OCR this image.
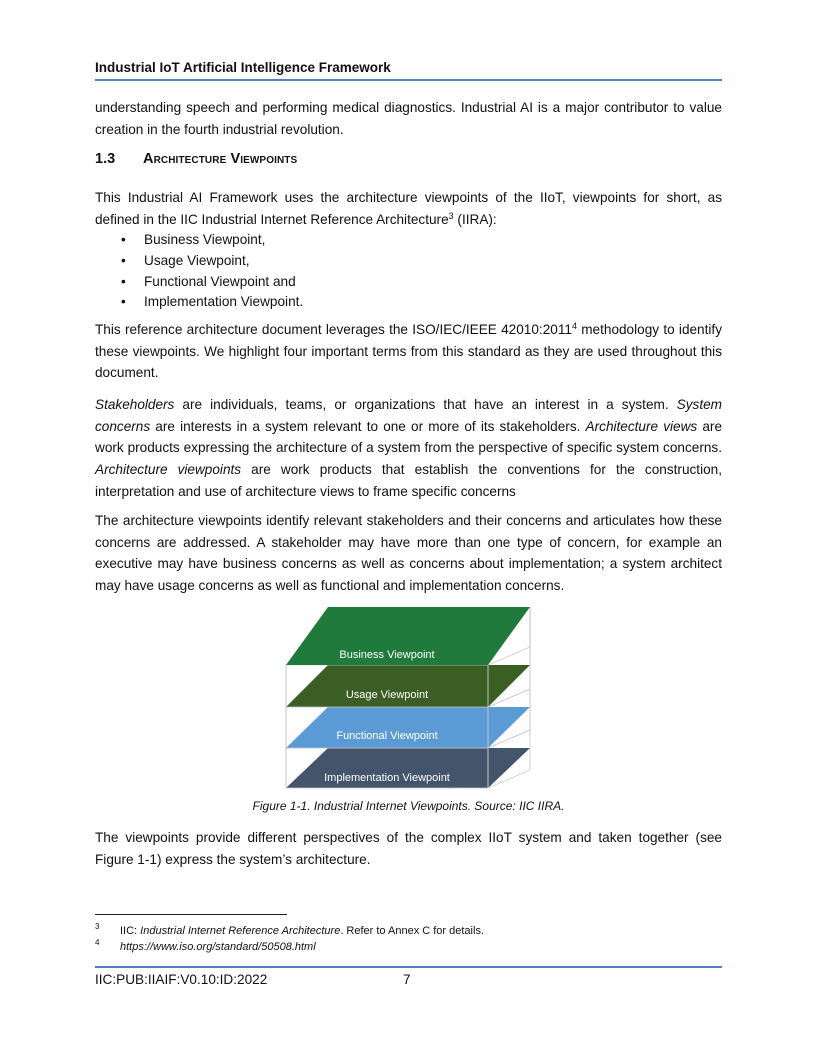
Industrial IoT Artificial Intelligence Framework
understanding speech and performing medical diagnostics. Industrial AI is a major contributor to value creation in the fourth industrial revolution.
1.3 Architecture Viewpoints
This Industrial AI Framework uses the architecture viewpoints of the IIoT, viewpoints for short, as defined in the IIC Industrial Internet Reference Architecture$^3$ (IIRA):
• Business Viewpoint,
• Usage Viewpoint,
• Functional Viewpoint and
• Implementation Viewpoint.
This reference architecture document leverages the ISO/IEC/IEEE 42010:2011$^4$ methodology to identify these viewpoints. We highlight four important terms from this standard as they are used throughout this document.
Stakeholders are individuals, teams, or organizations that have an interest in a system. System concerns are interests in a system relevant to one or more of its stakeholders. Architecture views are work products expressing the architecture of a system from the perspective of specific system concerns. Architecture viewpoints are work products that establish the conventions for the construction, interpretation and use of architecture views to frame specific concerns
The architecture viewpoints identify relevant stakeholders and their concerns and articulates how these concerns are addressed. A stakeholder may have more than one type of concern, for example an executive may have business concerns as well as concerns about implementation; a system architect may have usage concerns as well as functional and implementation concerns.
Implementation Viewpoint
Functional Viewpoint
Usage Viewpoint
Business Viewpoint
Figure 1-1. Industrial Internet Viewpoints. Source: IIC IIRA.
The viewpoints provide different perspectives of the complex IIoT system and taken together (see Figure 1-1) express the system’s architecture.
3 IIC: Industrial Internet Reference Architecture. Refer to Annex C for details.
4 https://www.iso.org/standard/50508.html
IIC:PUB:IIAIF:V0.10:ID:2022	7
